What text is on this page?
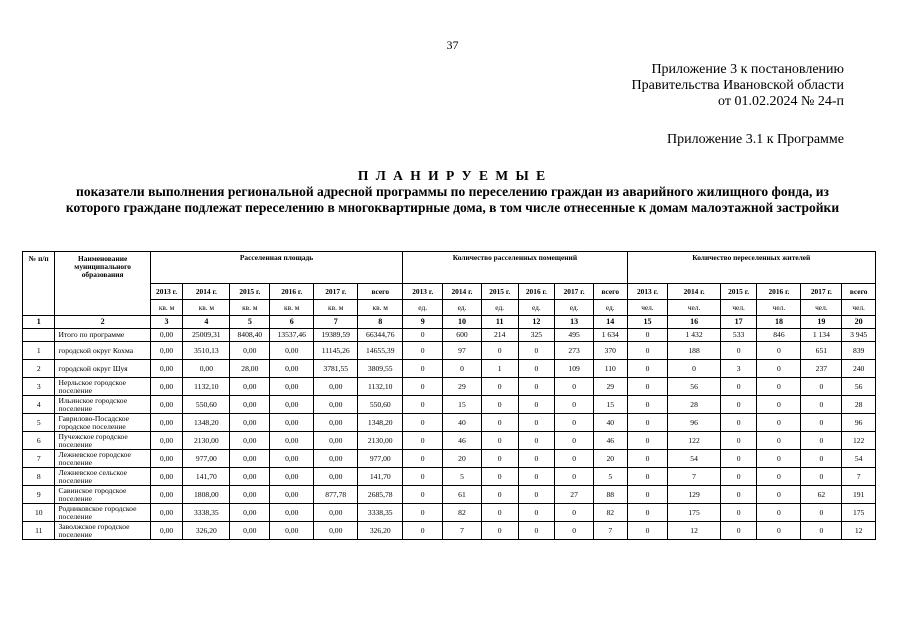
37
Приложение 3 к постановлению
Правительства Ивановской области
от 01.02.2024 № 24-п
Приложение 3.1 к Программе
П Л А Н И Р У Е М Ы Е
показатели выполнения региональной адресной программы по переселению граждан из аварийного жилищного фонда, из которого граждане подлежат переселению в многоквартирные дома, в том числе отнесенные к домам малоэтажной застройки
№ п/п	Наименование муниципального образования	Расселенная площадь						Количество расселенных помещений						Количество переселенных жителей					
		2013 г.	2014 г.	2015 г.	2016 г.	2017 г.	всего	2013 г.	2014 г.	2015 г.	2016 г.	2017 г.	всего	2013 г.	2014 г.	2015 г.	2016 г.	2017 г.	всего
		кв. м	кв. м	кв. м	кв. м	кв. м	кв. м	ед.	ед.	ед.	ед.	ед.	ед.	чел.	чел.	чел.	чел.	чел.	чел.
1	2	3	4	5	6	7	8	9	10	11	12	13	14	15	16	17	18	19	20
	Итого по программе	0,00	25009,31	8408,40	13537,46	19389,59	66344,76	0	600	214	325	495	1 634	0	1 432	533	846	1 134	3 945
1	городской округ Кохма	0,00	3510,13	0,00	0,00	11145,26	14655,39	0	97	0	0	273	370	0	188	0	0	651	839
2	городской округ Шуя	0,00	0,00	28,00	0,00	3781,55	3809,55	0	0	1	0	109	110	0	0	3	0	237	240
3	Нерльское городское поселение	0,00	1132,10	0,00	0,00	0,00	1132,10	0	29	0	0	0	29	0	56	0	0	0	56
4	Ильинское городское поселение	0,00	550,60	0,00	0,00	0,00	550,60	0	15	0	0	0	15	0	28	0	0	0	28
5	Гаврилово-Посадское городское поселение	0,00	1348,20	0,00	0,00	0,00	1348,20	0	40	0	0	0	40	0	96	0	0	0	96
6	Пучежское городское поселение	0,00	2130,00	0,00	0,00	0,00	2130,00	0	46	0	0	0	46	0	122	0	0	0	122
7	Лежневское городское поселение	0,00	977,00	0,00	0,00	0,00	977,00	0	20	0	0	0	20	0	54	0	0	0	54
8	Лежневское сельское поселение	0,00	141,70	0,00	0,00	0,00	141,70	0	5	0	0	0	5	0	7	0	0	0	7
9	Савинское городское поселение	0,00	1808,00	0,00	0,00	877,78	2685,78	0	61	0	0	27	88	0	129	0	0	62	191
10	Родниковское городское поселение	0,00	3338,35	0,00	0,00	0,00	3338,35	0	82	0	0	0	82	0	175	0	0	0	175
11	Заволжское городское поселение	0,00	326,20	0,00	0,00	0,00	326,20	0	7	0	0	0	7	0	12	0	0	0	12
